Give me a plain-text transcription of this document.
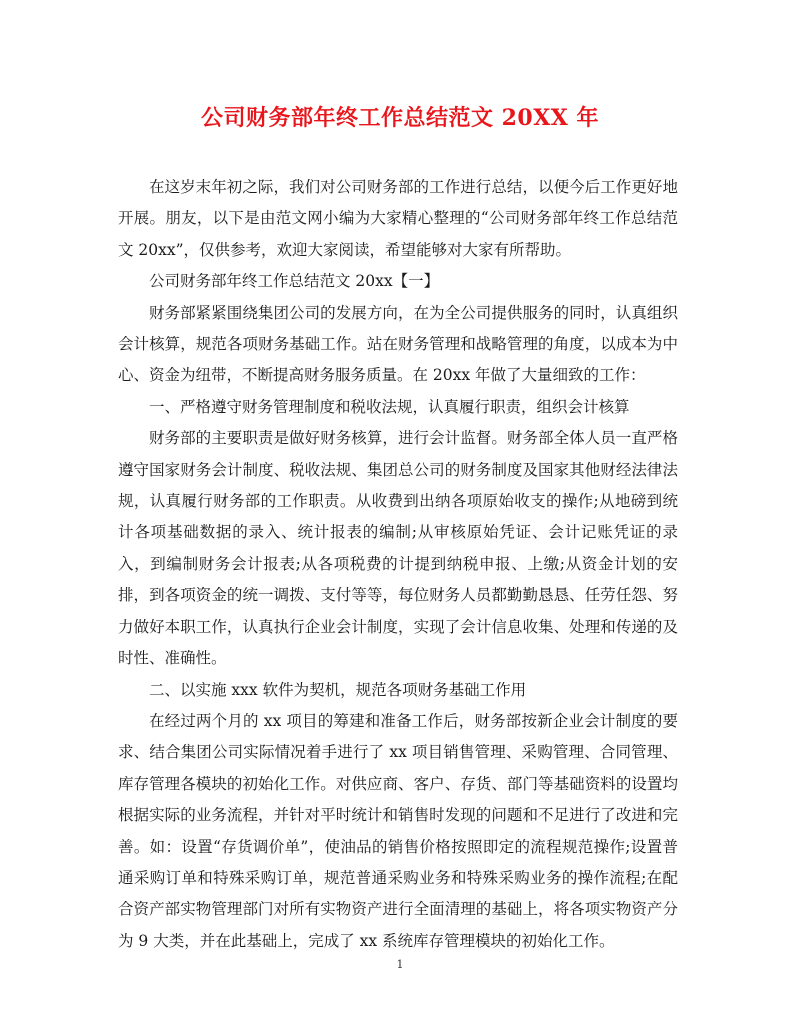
公司财务部年终工作总结范文 20XX 年

在这岁末年初之际，我们对公司财务部的工作进行总结，以便今后工作更好地开展。朋友，以下是由范文网小编为大家精心整理的“公司财务部年终工作总结范文 20xx”，仅供参考，欢迎大家阅读，希望能够对大家有所帮助。

公司财务部年终工作总结范文 20xx【一】

财务部紧紧围绕集团公司的发展方向，在为全公司提供服务的同时，认真组织会计核算，规范各项财务基础工作。站在财务管理和战略管理的角度，以成本为中心、资金为纽带，不断提高财务服务质量。在 20xx 年做了大量细致的工作：

一、严格遵守财务管理制度和税收法规，认真履行职责，组织会计核算

财务部的主要职责是做好财务核算，进行会计监督。财务部全体人员一直严格遵守国家财务会计制度、税收法规、集团总公司的财务制度及国家其他财经法律法规，认真履行财务部的工作职责。从收费到出纳各项原始收支的操作;从地磅到统计各项基础数据的录入、统计报表的编制;从审核原始凭证、会计记账凭证的录入，到编制财务会计报表;从各项税费的计提到纳税申报、上缴;从资金计划的安排，到各项资金的统一调拨、支付等等，每位财务人员都勤勤恳恳、任劳任怨、努力做好本职工作，认真执行企业会计制度，实现了会计信息收集、处理和传递的及时性、准确性。

二、以实施 xxx 软件为契机，规范各项财务基础工作用

在经过两个月的 xx 项目的筹建和准备工作后，财务部按新企业会计制度的要求、结合集团公司实际情况着手进行了 xx 项目销售管理、采购管理、合同管理、库存管理各模块的初始化工作。对供应商、客户、存货、部门等基础资料的设置均根据实际的业务流程，并针对平时统计和销售时发现的问题和不足进行了改进和完善。如：设置“存货调价单”，使油品的销售价格按照即定的流程规范操作;设置普通采购订单和特殊采购订单，规范普通采购业务和特殊采购业务的操作流程;在配合资产部实物管理部门对所有实物资产进行全面清理的基础上，将各项实物资产分为 9 大类，并在此基础上，完成了 xx 系统库存管理模块的初始化工作。

1
